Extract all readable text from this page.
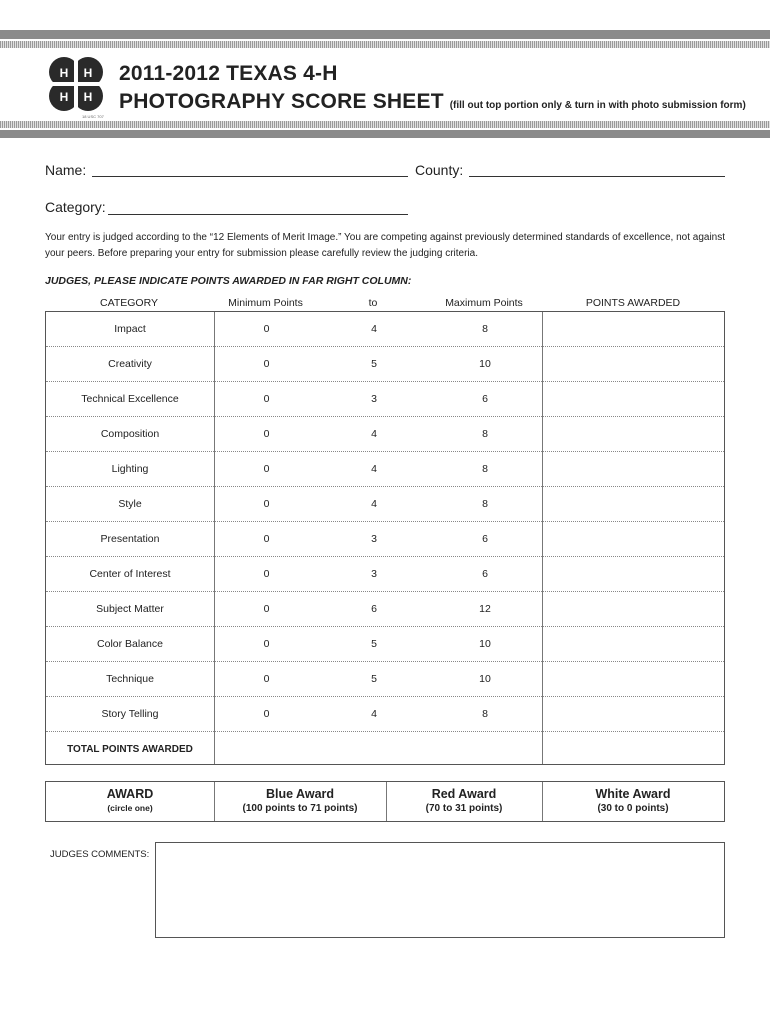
H H
H H
18 USC 707
2011-2012 TEXAS 4-H
PHOTOGRAPHY SCORE SHEET (fill out top portion only & turn in with photo submission form)
Name:	County:
Category:
Your entry is judged according to the “12 Elements of Merit Image.” You are competing against previously determined standards of excellence, not against your peers. Before preparing your entry for submission please carefully review the judging criteria.
JUDGES, PLEASE INDICATE POINTS AWARDED IN FAR RIGHT COLUMN:
CATEGORY	Minimum Points	to	Maximum Points	POINTS AWARDED
Impact	0	4	8
Creativity	0	5	10
Technical Excellence	0	3	6
Composition	0	4	8
Lighting	0	4	8
Style	0	4	8
Presentation	0	3	6
Center of Interest	0	3	6
Subject Matter	0	6	12
Color Balance	0	5	10
Technique	0	5	10
Story Telling	0	4	8
TOTAL POINTS AWARDED
AWARD
(circle one)
Blue Award
(100 points to 71 points)
Red Award
(70 to 31 points)
White Award
(30 to 0 points)
JUDGES COMMENTS:
